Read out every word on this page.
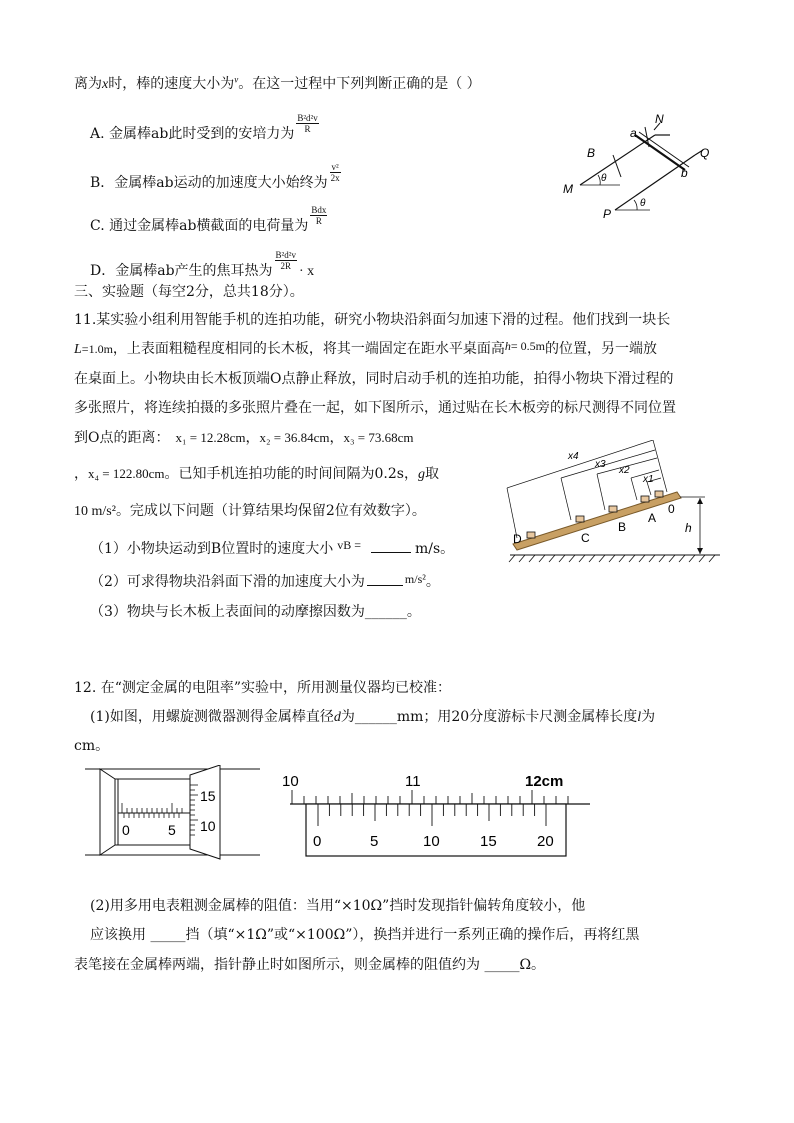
离为x时，棒的速度大小为$^v$。在这一过程中下列判断正确的是（ ）
A. 金属棒ab此时受到的安培力为 $\frac{\text{B²d²v}}{R}$
B．金属棒ab运动的加速度大小始终为 $\frac{\text{v²}}{2x}$
C. 通过金属棒ab横截面的电荷量为 $\frac{\text{Bdx}}{R}$
D．金属棒ab产生的焦耳热为 $\frac{\text{B²d²v}}{2R}$
· x
B
a
N
Q
M
b
P
θ
θ
三、实验题（每空2分，总共18分）。
11.某实验小组利用智能手机的连拍功能，研究小物块沿斜面匀加速下滑的过程。他们找到一块长
L=1.0m，上表面粗糙程度相同的长木板，将其一端固定在距水平桌面高h= 0.5m的位置，另一端放
在桌面上。小物块由长木板顶端O点静止释放，同时启动手机的连拍功能，拍得小物块下滑过程的
多张照片，将连续拍摄的多张照片叠在一起，如下图所示，通过贴在长木板旁的标尺测得不同位置
到O点的距离： x₁ = 12.28cm，x₂ = 36.84cm，x₃ = 73.68cm
，x₄ = 122.80cm。已知手机连拍功能的时间间隔为0.2s，g取
10 m/s²。完成以下问题（计算结果均保留2位有效数字）。
（1）小物块运动到B位置时的速度大小 vB =	m/s。
（2）可求得物块沿斜面下滑的加速度大小为	m/s²。
（3）物块与长木板上表面间的动摩擦因数为______。
x4
x3
x2
x1
0
A
B
C
D
h
12. 在“测定金属的电阻率”实验中，所用测量仪器均已校准：
(1)如图，用螺旋测微器测得金属棒直径d为______mm；用20分度游标卡尺测金属棒长度l为
cm。
15
10
0	5
10	11	12cm
0	5	10	15	20
(2)用多用电表粗测金属棒的阻值：当用“×10Ω”挡时发现指针偏转角度较小，他
应该换用 _____挡（填“×1Ω”或“×100Ω”），换挡并进行一系列正确的操作后，再将红黑
表笔接在金属棒两端，指针静止时如图所示，则金属棒的阻值约为 _____Ω。
